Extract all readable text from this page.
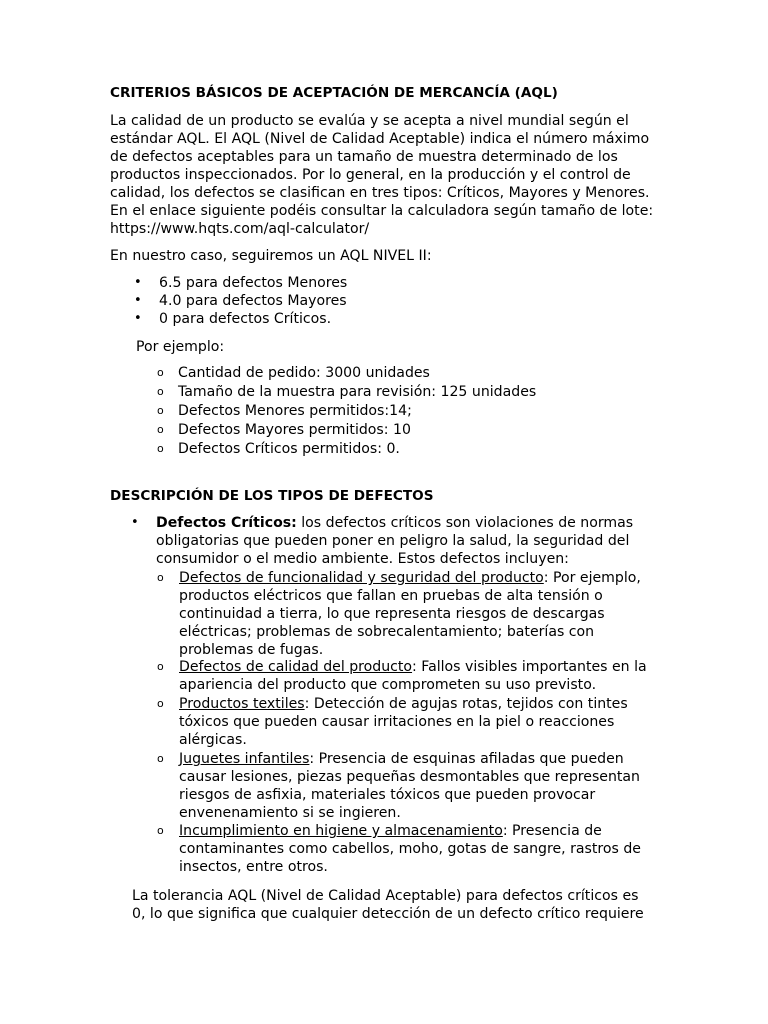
CRITERIOS BÁSICOS DE ACEPTACIÓN DE MERCANCÍA (AQL)
La calidad de un producto se evalúa y se acepta a nivel mundial según el
estándar AQL. El AQL (Nivel de Calidad Aceptable) indica el número máximo
de defectos aceptables para un tamaño de muestra determinado de los
productos inspeccionados. Por lo general, en la producción y el control de
calidad, los defectos se clasifican en tres tipos: Críticos, Mayores y Menores.
En el enlace siguiente podéis consultar la calculadora según tamaño de lote:
https://www.hqts.com/aql-calculator/
En nuestro caso, seguiremos un AQL NIVEL II:
• 6.5 para defectos Menores
• 4.0 para defectos Mayores
• 0 para defectos Críticos.
Por ejemplo:
o Cantidad de pedido: 3000 unidades
o Tamaño de la muestra para revisión: 125 unidades
o Defectos Menores permitidos:14;
o Defectos Mayores permitidos: 10
o Defectos Críticos permitidos: 0.
DESCRIPCIÓN DE LOS TIPOS DE DEFECTOS
• Defectos Críticos: los defectos críticos son violaciones de normas
obligatorias que pueden poner en peligro la salud, la seguridad del
consumidor o el medio ambiente. Estos defectos incluyen:
o Defectos de funcionalidad y seguridad del producto: Por ejemplo,
productos eléctricos que fallan en pruebas de alta tensión o
continuidad a tierra, lo que representa riesgos de descargas
eléctricas; problemas de sobrecalentamiento; baterías con
problemas de fugas.
o Defectos de calidad del producto: Fallos visibles importantes en la
apariencia del producto que comprometen su uso previsto.
o Productos textiles: Detección de agujas rotas, tejidos con tintes
tóxicos que pueden causar irritaciones en la piel o reacciones
alérgicas.
o Juguetes infantiles: Presencia de esquinas afiladas que pueden
causar lesiones, piezas pequeñas desmontables que representan
riesgos de asfixia, materiales tóxicos que pueden provocar
envenenamiento si se ingieren.
o Incumplimiento en higiene y almacenamiento: Presencia de
contaminantes como cabellos, moho, gotas de sangre, rastros de
insectos, entre otros.
La tolerancia AQL (Nivel de Calidad Aceptable) para defectos críticos es
0, lo que significa que cualquier detección de un defecto crítico requiere
